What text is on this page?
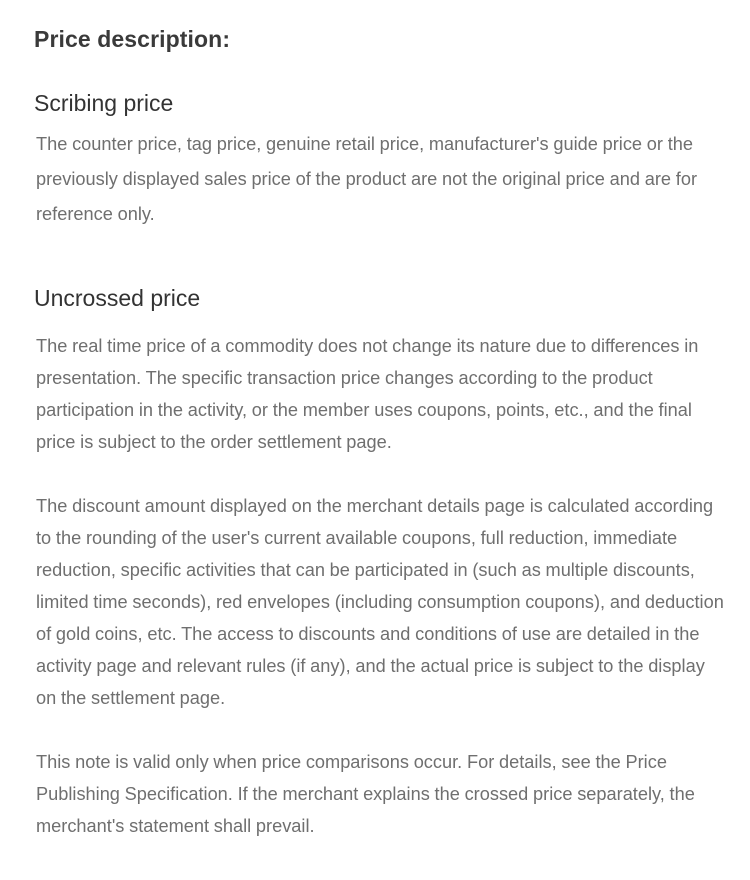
Price description:
Scribing price

The counter price, tag price, genuine retail price, manufacturer's guide price or the previously displayed sales price of the product are not the original price and are for reference only.

Uncrossed price

The real time price of a commodity does not change its nature due to differences in presentation. The specific transaction price changes according to the product participation in the activity, or the member uses coupons, points, etc., and the final price is subject to the order settlement page.

The discount amount displayed on the merchant details page is calculated according to the rounding of the user's current available coupons, full reduction, immediate reduction, specific activities that can be participated in (such as multiple discounts, limited time seconds), red envelopes (including consumption coupons), and deduction of gold coins, etc. The access to discounts and conditions of use are detailed in the activity page and relevant rules (if any), and the actual price is subject to the display on the settlement page.

This note is valid only when price comparisons occur. For details, see the Price Publishing Specification. If the merchant explains the crossed price separately, the merchant's statement shall prevail.
